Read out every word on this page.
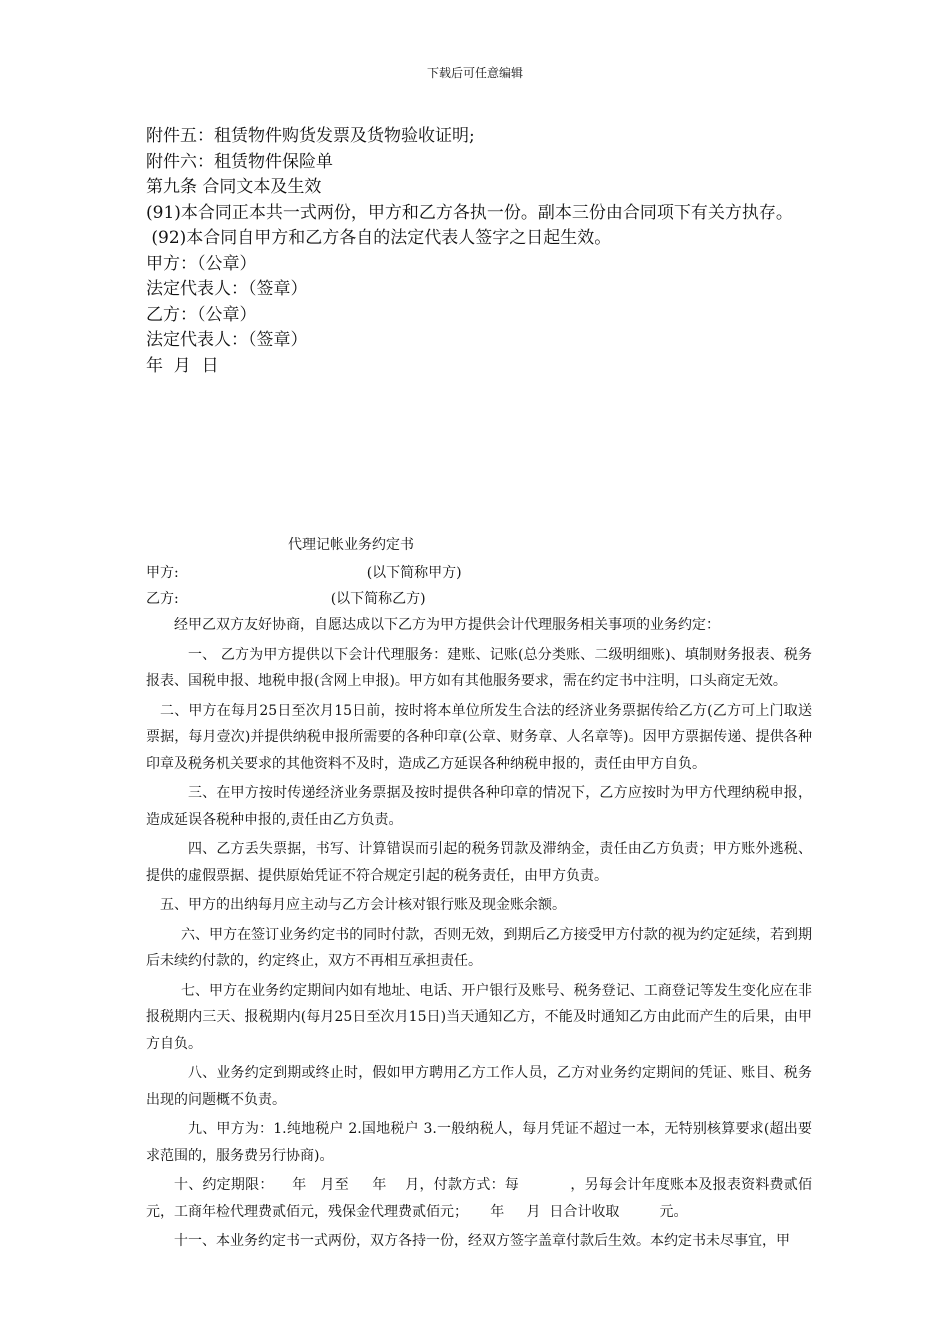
下载后可任意编辑
附件五：租赁物件购货发票及货物验收证明;
附件六：租赁物件保险单
第九条 合同文本及生效
(91)本合同正本共一式两份，甲方和乙方各执一份。副本三份由合同项下有关方执存。
(92)本合同自甲方和乙方各自的法定代表人签字之日起生效。
甲方：（公章）
法定代表人：（签章）
乙方：（公章）
法定代表人：（签章）
年  月  日
代理记帐业务约定书
甲方:	(以下简称甲方)
乙方:	(以下简称乙方)

经甲乙双方友好协商，自愿达成以下乙方为甲方提供会计代理服务相关事项的业务约定：

一、 乙方为甲方提供以下会计代理服务：建账、记账(总分类账、二级明细账)、填制财务报表、税务报表、国税申报、地税申报(含网上申报)。甲方如有其他服务要求，需在约定书中注明，口头商定无效。

二、甲方在每月25日至次月15日前，按时将本单位所发生合法的经济业务票据传给乙方(乙方可上门取送票据，每月壹次)并提供纳税申报所需要的各种印章(公章、财务章、人名章等)。因甲方票据传递、提供各种印章及税务机关要求的其他资料不及时，造成乙方延误各种纳税申报的，责任由甲方自负。

三、在甲方按时传递经济业务票据及按时提供各种印章的情况下，乙方应按时为甲方代理纳税申报，造成延误各税种申报的,责任由乙方负责。

四、乙方丢失票据，书写、计算错误而引起的税务罚款及滞纳金，责任由乙方负责；甲方账外逃税、提供的虚假票据、提供原始凭证不符合规定引起的税务责任，由甲方负责。

五、甲方的出纳每月应主动与乙方会计核对银行账及现金账余额。

六、甲方在签订业务约定书的同时付款，否则无效，到期后乙方接受甲方付款的视为约定延续，若到期后未续约付款的，约定终止，双方不再相互承担责任。

七、甲方在业务约定期间内如有地址、电话、开户银行及账号、税务登记、工商登记等发生变化应在非报税期内三天、报税期内(每月25日至次月15日)当天通知乙方，不能及时通知乙方由此而产生的后果，由甲方自负。

八、业务约定到期或终止时，假如甲方聘用乙方工作人员，乙方对业务约定期间的凭证、账目、税务出现的问题概不负责。

九、甲方为：1.纯地税户 2.国地税户 3.一般纳税人，每月凭证不超过一本，无特别核算要求(超出要求范围的，服务费另行协商)。

十、约定期限：    年   月至     年    月，付款方式：每           ，另每会计年度账本及报表资料费贰佰元，工商年检代理费贰佰元，残保金代理费贰佰元；     年     月  日合计收取         元。

十一、本业务约定书一式两份，双方各持一份，经双方签字盖章付款后生效。本约定书未尽事宜，甲
